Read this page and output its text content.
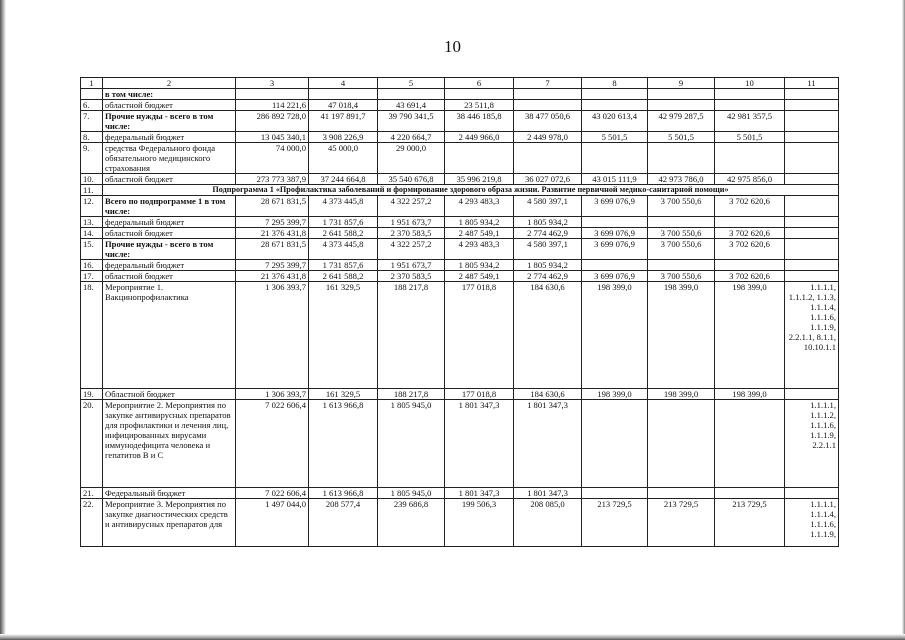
10
1	2	3	4	5	6	7	8	9	10	11
	в том числе:									
6.	областной бюджет	114 221,6	47 018,4	43 691,4	23 511,8					
7.	Прочие нужды - всего в том числе:	286 892 728,0	41 197 891,7	39 790 341,5	38 446 185,8	38 477 050,6	43 020 613,4	42 979 287,5	42 981 357,5	
8.	федеральный бюджет	13 045 340,1	3 908 226,9	4 220 664,7	2 449 966,0	2 449 978,0	5 501,5	5 501,5	5 501,5	
9.	средства Федерального фонда обязательного медицинского страхования	74 000,0	45 000,0	29 000,0						
10.	областной бюджет	273 773 387,9	37 244 664,8	35 540 676,8	35 996 219,8	36 027 072,6	43 015 111,9	42 973 786,0	42 975 856,0	
11.	Подпрограмма 1 «Профилактика заболеваний и формирование здорового образа жизни. Развитие первичной медико-санитарной помощи»									
12.	Всего по подпрограмме 1 в том числе:	28 671 831,5	4 373 445,8	4 322 257,2	4 293 483,3	4 580 397,1	3 699 076,9	3 700 550,6	3 702 620,6	
13.	федеральный бюджет	7 295 399,7	1 731 857,6	1 951 673,7	1 805 934,2	1 805 934,2				
14.	областной бюджет	21 376 431,8	2 641 588,2	2 370 583,5	2 487 549,1	2 774 462,9	3 699 076,9	3 700 550,6	3 702 620,6	
15.	Прочие нужды - всего в том числе:	28 671 831,5	4 373 445,8	4 322 257,2	4 293 483,3	4 580 397,1	3 699 076,9	3 700 550,6	3 702 620,6	
16.	федеральный бюджет	7 295 399,7	1 731 857,6	1 951 673,7	1 805 934,2	1 805 934,2				
17.	областной бюджет	21 376 431,8	2 641 588,2	2 370 583,5	2 487 549,1	2 774 462,9	3 699 076,9	3 700 550,6	3 702 620,6	
18.	Мероприятие 1. Вакцинопрофилактика	1 306 393,7	161 329,5	188 217,8	177 018,8	184 630,6	198 399,0	198 399,0	198 399,0	1.1.1.1, 1.1.1.2, 1.1.3, 1.1.1.4, 1.1.1.6, 1.1.1.9, 2.2.1.1, 8.1.1, 10.10.1.1
19.	Областной бюджет	1 306 393,7	161 329,5	188 217,8	177 018,8	184 630,6	198 399,0	198 399,0	198 399,0	
20.	Мероприятие 2. Мероприятия по закупке антивирусных препаратов для профилактики и лечения лиц, инфицированных вирусами иммунодефицита человека и гепатитов В и С	7 022 606,4	1 613 966,8	1 805 945,0	1 801 347,3	1 801 347,3				1.1.1.1, 1.1.1.2, 1.1.1.6, 1.1.1.9, 2.2.1.1
21.	Федеральный бюджет	7 022 606,4	1 613 966,8	1 805 945,0	1 801 347,3	1 801 347,3				
22.	Мероприятие 3. Мероприятия по закупке диагностических средств и антивирусных препаратов для	1 497 044,0	208 577,4	239 686,8	199 506,3	208 085,0	213 729,5	213 729,5	213 729,5	1.1.1.1, 1.1.1.4, 1.1.1.6, 1.1.1.9,
